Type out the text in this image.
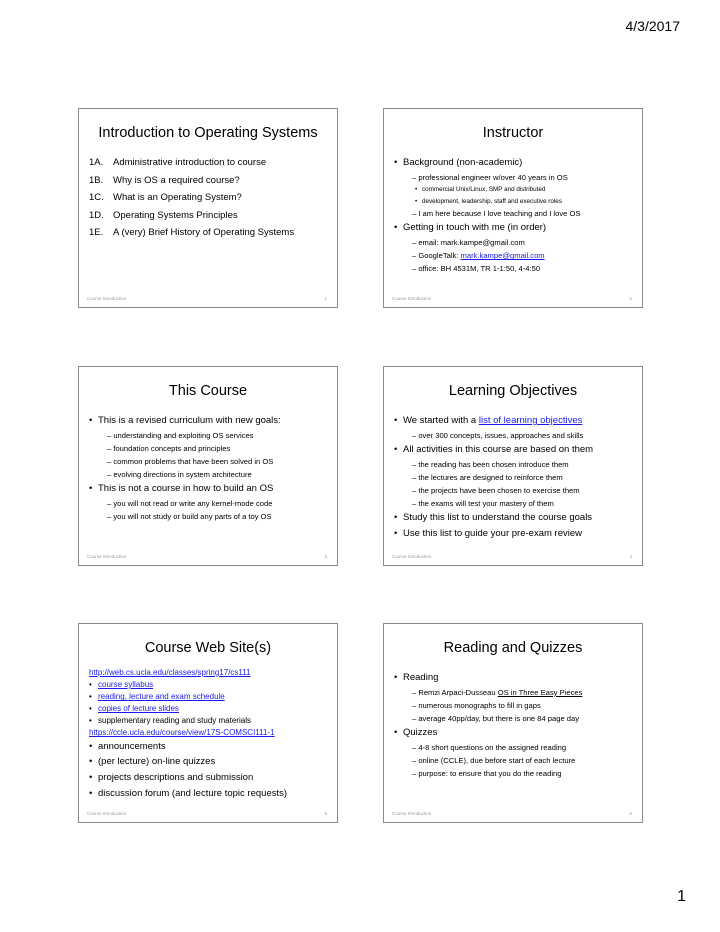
4/3/2017
Introduction to Operating Systems
1A.	Administrative introduction to course
1B.	Why is OS a required course?
1C. What is an Operating System?
1D. Operating Systems Principles
1E.	A (very) Brief History of Operating Systems
Course Introduction	1
Instructor
• Background (non-academic)
– professional engineer w/over 40 years in OS
• commercial Unix/Linux, SMP and distributed
• development, leadership, staff and executive roles
– I am here because I love teaching and I love OS
• Getting in touch with me (in order)
– email: mark.kampe@gmail.com
– GoogleTalk: mark.kampe@gmail.com
– office: BH 4531M, TR 1-1:50, 4-4:50
Course Introduction	2
This Course
• This is a revised curriculum with new goals:
– understanding and exploiting OS services
– foundation concepts and principles
– common problems that have been solved in OS
– evolving directions in system architecture
• This is not a course in how to build an OS
– you will not read or write any kernel-mode code
– you will not study or build any parts of a toy OS
Course Introduction	3
Learning Objectives
• We started with a list of learning objectives
– over 300 concepts, issues, approaches and skills
• All activities in this course are based on them
– the reading has been chosen introduce them
– the lectures are designed to reinforce them
– the projects have been chosen to exercise them
– the exams will test your mastery of them
• Study this list to understand the course goals
• Use this list to guide your pre-exam review
Course Introduction	4
Course Web Site(s)
http://web.cs.ucla.edu/classes/spring17/cs111
• course syllabus
• reading, lecture and exam schedule
• copies of lecture slides
• supplementary reading and study materials
https://ccle.ucla.edu/course/view/17S-COMSCI111-1
• announcements
• (per lecture) on-line quizzes
• projects descriptions and submission
• discussion forum (and lecture topic requests)
Course Introduction	5
Reading and Quizzes
• Reading
– Remzi Arpaci-Dusseau OS in Three Easy Pieces
– numerous monographs to fill in gaps
– average 40pp/day, but there is one 84 page day
• Quizzes
– 4-8 short questions on the assigned reading
– online (CCLE), due before start of each lecture
– purpose: to ensure that you do the reading
Course Introduction	6
1
